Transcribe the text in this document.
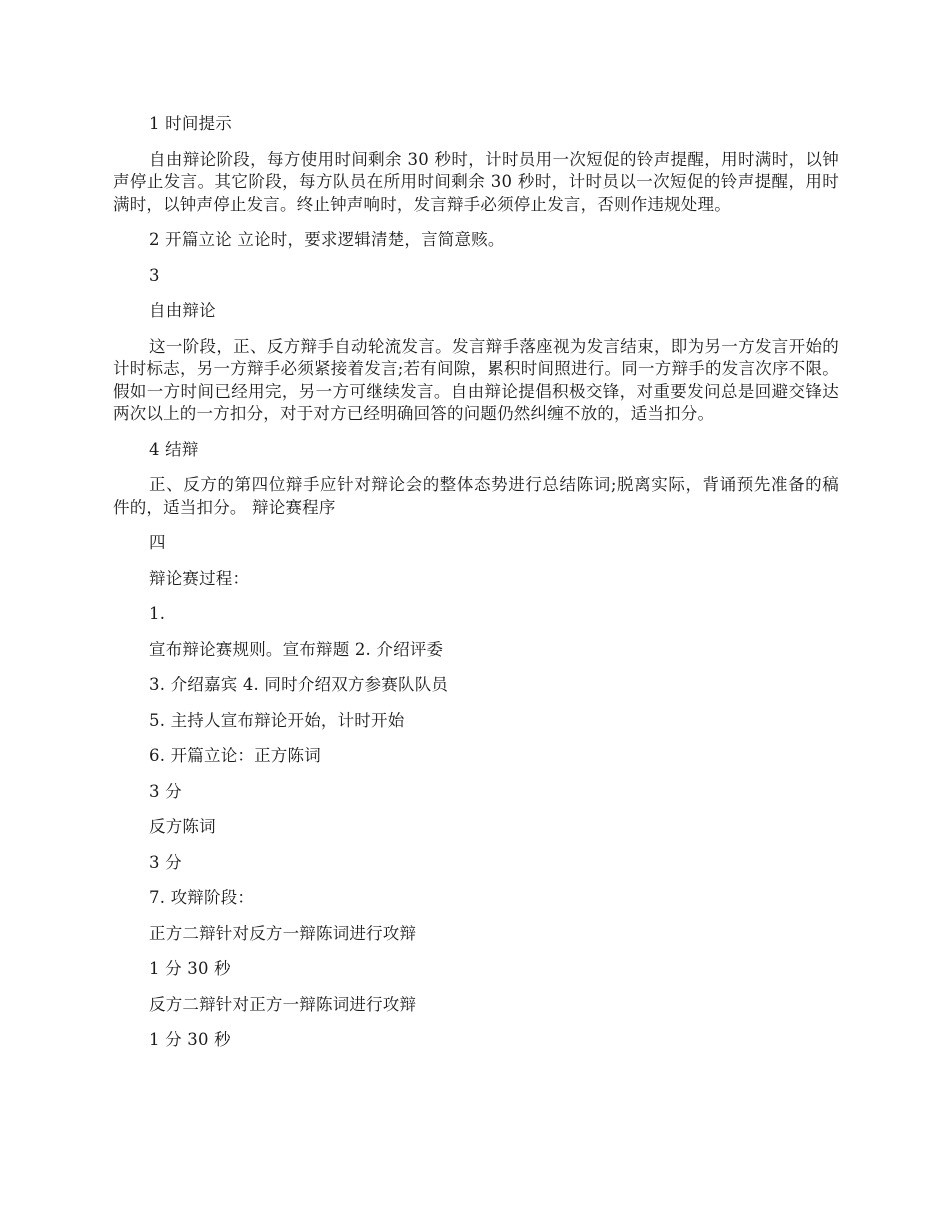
1 时间提示

自由辩论阶段，每方使用时间剩余 30 秒时，计时员用一次短促的铃声提醒，用时满时，以钟声停止发言。其它阶段，每方队员在所用时间剩余 30 秒时，计时员以一次短促的铃声提醒，用时满时，以钟声停止发言。终止钟声响时，发言辩手必须停止发言，否则作违规处理。

2 开篇立论 立论时，要求逻辑清楚，言简意赅。

3

自由辩论

这一阶段，正、反方辩手自动轮流发言。发言辩手落座视为发言结束，即为另一方发言开始的计时标志，另一方辩手必须紧接着发言;若有间隙，累积时间照进行。同一方辩手的发言次序不限。假如一方时间已经用完，另一方可继续发言。自由辩论提倡积极交锋，对重要发问总是回避交锋达两次以上的一方扣分，对于对方已经明确回答的问题仍然纠缠不放的，适当扣分。

4 结辩

正、反方的第四位辩手应针对辩论会的整体态势进行总结陈词;脱离实际，背诵预先准备的稿件的，适当扣分。 辩论赛程序

四

辩论赛过程：

1.

宣布辩论赛规则。宣布辩题 2. 介绍评委

3. 介绍嘉宾 4. 同时介绍双方参赛队队员

5. 主持人宣布辩论开始，计时开始

6. 开篇立论：正方陈词

3 分

反方陈词

3 分

7. 攻辩阶段：

正方二辩针对反方一辩陈词进行攻辩

1 分 30 秒

反方二辩针对正方一辩陈词进行攻辩

1 分 30 秒
